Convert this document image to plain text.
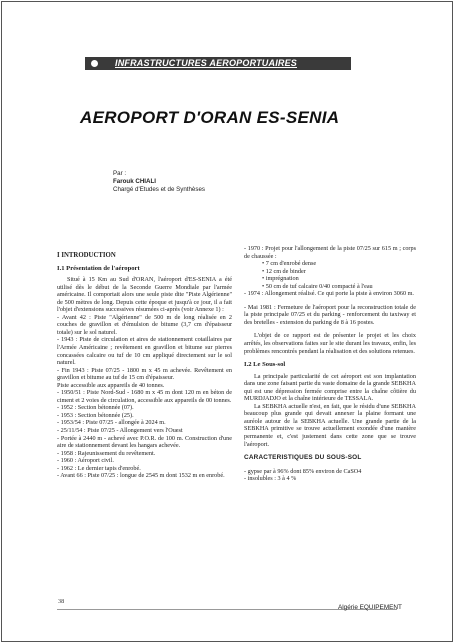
INFRASTRUCTURES AEROPORTUAIRES
AEROPORT D'ORAN ES-SENIA
Par :
Farouk CHIALI
Chargé d'Etudes et de Synthèses

I INTRODUCTION

I.1 Présentation de l'aéroport

Situé à 15 Km au Sud d'ORAN, l'aéroport d'ES-SENIA a été utilisé dès le début de la Seconde Guerre Mondiale par l'armée américaine. Il comportait alors une seule piste dite "Piste Algérienne" de 500 mètres de long. Depuis cette époque et jusqu'à ce jour, il a fait l'objet d'extensions successives résumées ci-après (voir Annexe 1) :

- Avant 42 : Piste "Algérienne" de 500 m de long réalisée en 2 couches de gravillon et d'émulsion de bitume (3,7 cm d'épaisseur totale) sur le sol naturel.

- 1943 : Piste de circulation et aires de stationnement cotaillaires par l'Armée Américaine ; revêtement en gravillon et bitume sur pierres concassées calcaire ou tuf de 10 cm appliqué directement sur le sol naturel.

- Fin 1943 : Piste 07/25 - 1800 m x 45 m achevée. Revêtement en gravillon et bitume au tuf de 15 cm d'épaisseur.

Piste accessible aux appareils de 40 tonnes.

- 1950/51 : Piste Nord-Sud - 1680 m x 45 m dont 120 m en béton de ciment et 2 voies de circulation, accessible aux appareils de 00 tonnes.

- 1952 : Section bétonnée (07).

- 1953 : Section bétonnée (25).

- 1953/54 : Piste 07/25 - allongée à 2024 m.

- 25/11/54 : Piste 07/25 - Allongement vers l'Ouest

- Portée à 2440 m - achevé avec P.O.R. de 100 m. Construction d'une aire de stationnement devant les hangars achevée.

- 1958 : Rajeunissement du revêtement.

- 1960 : Aéroport civil.

- 1962 : Le dernier tapis d'enrobé.

- Avant 66 : Piste 07/25 : longue de 2545 m dont 1532 m en enrobé.

- 1970 : Projet pour l'allongement de la piste 07/25 sur 615 m ; corps de chaussée :

• 7 cm d'enrobé dense
• 12 cm de binder
• imprégnation
• 50 cm de tuf calcaire 0/40 compacté à l'eau

- 1974 : Allongement réalisé. Ce qui porte la piste à environ 3060 m.

- Mai 1981 : Fermeture de l'aéroport pour la reconstruction totale de la piste principale 07/25 et du parking - renforcement du taxiway et des bretelles - extension du parking de 8 à 16 postes.

L'objet de ce rapport est de présenter le projet et les choix arrêtés, les observations faites sur le site durant les travaux, enfin, les problèmes rencontrés pendant la réalisation et des solutions retenues.

I.2 Le Sous-sol

La principale particularité de cet aéroport est son implantation dans une zone faisant partie du vaste domaine de la grande SEBKHA qui est une dépression fermée comprise entre la chaîne côtière du MURDJADJO et la chaîne intérieure de TESSALA.

La SEBKHA actuelle n'est, en fait, que le résidu d'une SEBKHA beaucoup plus grande qui devait annexer la plaine formant une auréole autour de la SEBKHA actuelle. Une grande partie de la SEBKHA primitive se trouve actuellement exondée d'une manière permanente et, c'est justement dans cette zone que se trouve l'aéroport.

CARACTERISTIQUES DU SOUS-SOL

- gypse par à 96% dont 85% environ de CaSO4

- insolubles : 3 à 4 %

38
Algérie EQUIPEMENT
